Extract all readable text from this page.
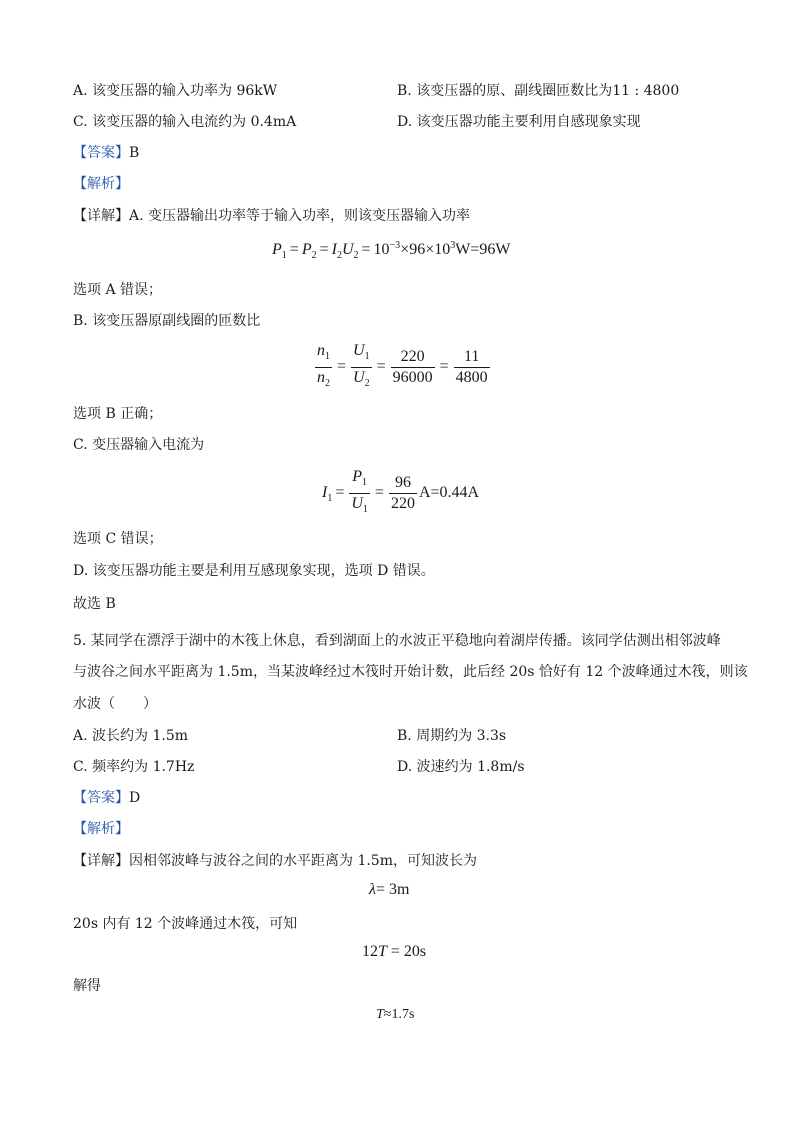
A. 该变压器的输入功率为 96kW	B. 该变压器的原、副线圈匝数比为11 : 4800
C. 该变压器的输入电流约为 0.4mA	D. 该变压器功能主要利用自感现象实现
【答案】B
【解析】
【详解】A. 变压器输出功率等于输入功率，则该变压器输入功率
$P_1 = P_2 = I_2U_2 = 10^{-3}\times 96\times 10^3W=96W$
选项 A 错误；
B. 该变压器原副线圈的匝数比
$\frac{n_1}{n_2} = \frac{U_1}{U_2} = \frac{220}{96000} = \frac{11}{4800}$
选项 B 正确；
C. 变压器输入电流为
$I_1 = \frac{P_1}{U_1} = \frac{96}{220} A=0.44A$
选项 C 错误；
D. 该变压器功能主要是利用互感现象实现，选项 D 错误。
故选 B
5. 某同学在漂浮于湖中的木筏上休息，看到湖面上的水波正平稳地向着湖岸传播。该同学估测出相邻波峰
与波谷之间水平距离为 1.5m，当某波峰经过木筏时开始计数，此后经 20s 恰好有 12 个波峰通过木筏，则该
水波（　　）
A. 波长约为 1.5m	B. 周期约为 3.3s
C. 频率约为 1.7Hz	D. 波速约为 1.8m/s
【答案】D
【解析】
【详解】因相邻波峰与波谷之间的水平距离为 1.5m，可知波长为
λ= 3m
20s 内有 12 个波峰通过木筏，可知
12T = 20s
解得
T≈1.7s
